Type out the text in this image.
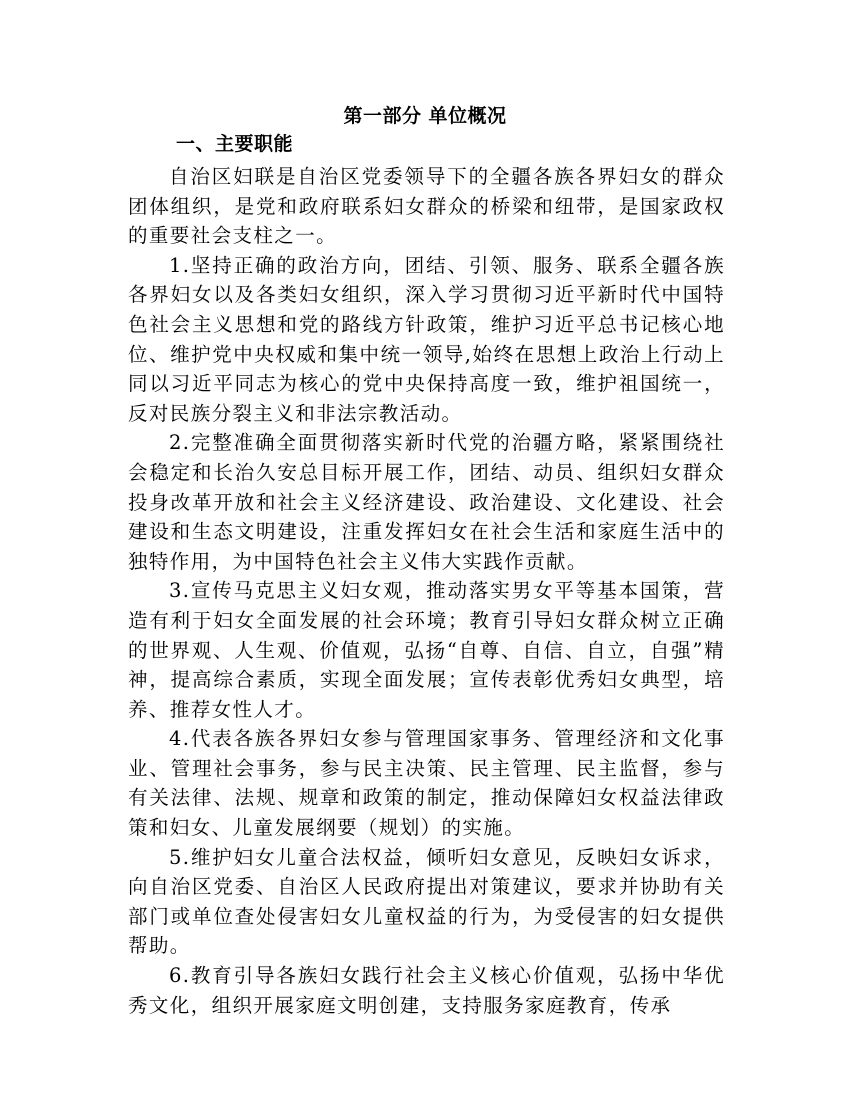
第一部分 单位概况
一、主要职能

自治区妇联是自治区党委领导下的全疆各族各界妇女的群众团体组织，是党和政府联系妇女群众的桥梁和纽带，是国家政权的重要社会支柱之一。

1.坚持正确的政治方向，团结、引领、服务、联系全疆各族各界妇女以及各类妇女组织，深入学习贯彻习近平新时代中国特色社会主义思想和党的路线方针政策，维护习近平总书记核心地位、维护党中央权威和集中统一领导,始终在思想上政治上行动上同以习近平同志为核心的党中央保持高度一致，维护祖国统一，反对民族分裂主义和非法宗教活动。

2.完整准确全面贯彻落实新时代党的治疆方略，紧紧围绕社会稳定和长治久安总目标开展工作，团结、动员、组织妇女群众投身改革开放和社会主义经济建设、政治建设、文化建设、社会建设和生态文明建设，注重发挥妇女在社会生活和家庭生活中的独特作用，为中国特色社会主义伟大实践作贡献。

3.宣传马克思主义妇女观，推动落实男女平等基本国策，营造有利于妇女全面发展的社会环境；教育引导妇女群众树立正确的世界观、人生观、价值观，弘扬“自尊、自信、自立，自强”精神，提高综合素质，实现全面发展；宣传表彰优秀妇女典型，培养、推荐女性人才。

4.代表各族各界妇女参与管理国家事务、管理经济和文化事业、管理社会事务，参与民主决策、民主管理、民主监督，参与有关法律、法规、规章和政策的制定，推动保障妇女权益法律政策和妇女、儿童发展纲要（规划）的实施。

5.维护妇女儿童合法权益，倾听妇女意见，反映妇女诉求，向自治区党委、自治区人民政府提出对策建议，要求并协助有关部门或单位查处侵害妇女儿童权益的行为，为受侵害的妇女提供帮助。

6.教育引导各族妇女践行社会主义核心价值观，弘扬中华优秀文化，组织开展家庭文明创建，支持服务家庭教育，传承
